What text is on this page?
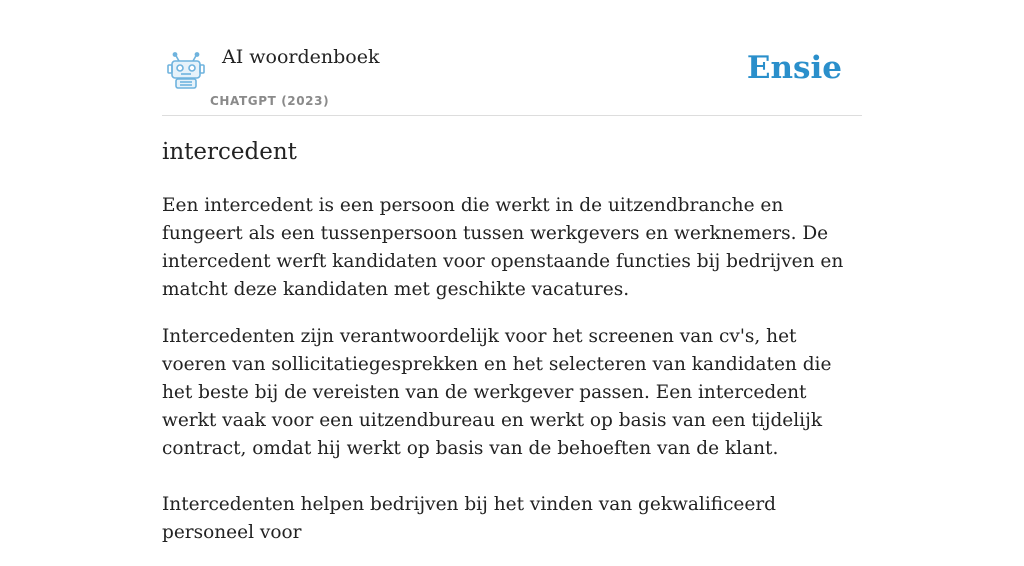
AI woordenboek
CHATGPT (2023)
Ensie
intercedent

Een intercedent is een persoon die werkt in de uitzendbranche en fungeert als een tussenpersoon tussen werkgevers en werknemers. De intercedent werft kandidaten voor openstaande functies bij bedrijven en matcht deze kandidaten met geschikte vacatures.

Intercedenten zijn verantwoordelijk voor het screenen van cv's, het voeren van sollicitatiegesprekken en het selecteren van kandidaten die het beste bij de vereisten van de werkgever passen. Een intercedent werkt vaak voor een uitzendbureau en werkt op basis van een tijdelijk contract, omdat hij werkt op basis van de behoeften van de klant.

Intercedenten helpen bedrijven bij het vinden van gekwalificeerd personeel voor
